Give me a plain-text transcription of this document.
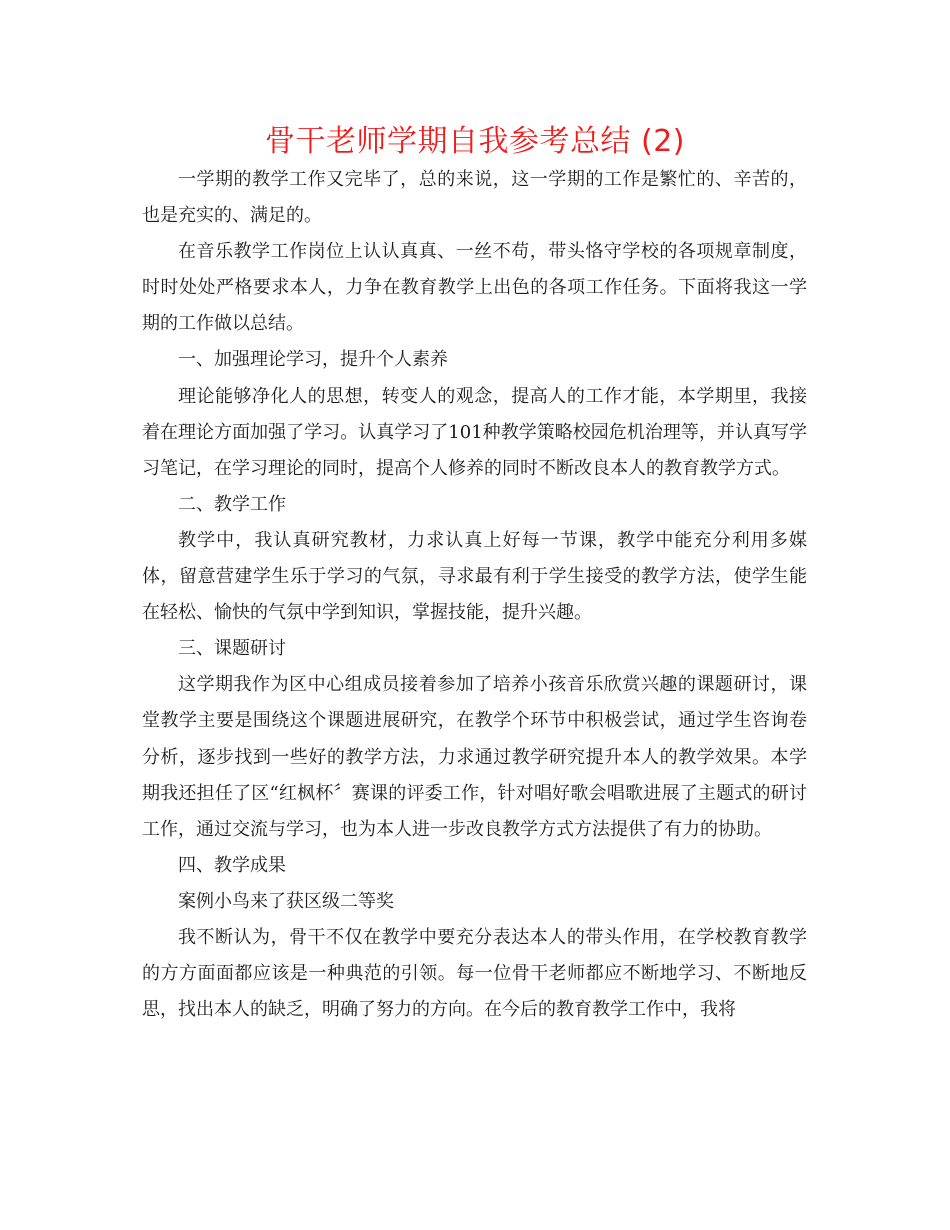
骨干老师学期自我参考总结 (2)

一学期的教学工作又完毕了，总的来说，这一学期的工作是繁忙的、辛苦的，也是充实的、满足的。

在音乐教学工作岗位上认认真真、一丝不苟，带头恪守学校的各项规章制度，时时处处严格要求本人，力争在教育教学上出色的各项工作任务。下面将我这一学期的工作做以总结。

一、加强理论学习，提升个人素养

理论能够净化人的思想，转变人的观念，提高人的工作才能，本学期里，我接着在理论方面加强了学习。认真学习了101种教学策略校园危机治理等，并认真写学习笔记，在学习理论的同时，提高个人修养的同时不断改良本人的教育教学方式。

二、教学工作

教学中，我认真研究教材，力求认真上好每一节课，教学中能充分利用多媒体，留意营建学生乐于学习的气氛，寻求最有利于学生接受的教学方法，使学生能在轻松、愉快的气氛中学到知识，掌握技能，提升兴趣。

三、课题研讨

这学期我作为区中心组成员接着参加了培养小孩音乐欣赏兴趣的课题研讨，课堂教学主要是围绕这个课题进展研究，在教学个环节中积极尝试，通过学生咨询卷分析，逐步找到一些好的教学方法，力求通过教学研究提升本人的教学效果。本学期我还担任了区“红枫杯〞赛课的评委工作，针对唱好歌会唱歌进展了主题式的研讨工作，通过交流与学习，也为本人进一步改良教学方式方法提供了有力的协助。

四、教学成果

案例小鸟来了获区级二等奖

我不断认为，骨干不仅在教学中要充分表达本人的带头作用，在学校教育教学的方方面面都应该是一种典范的引领。每一位骨干老师都应不断地学习、不断地反思，找出本人的缺乏，明确了努力的方向。在今后的教育教学工作中，我将
